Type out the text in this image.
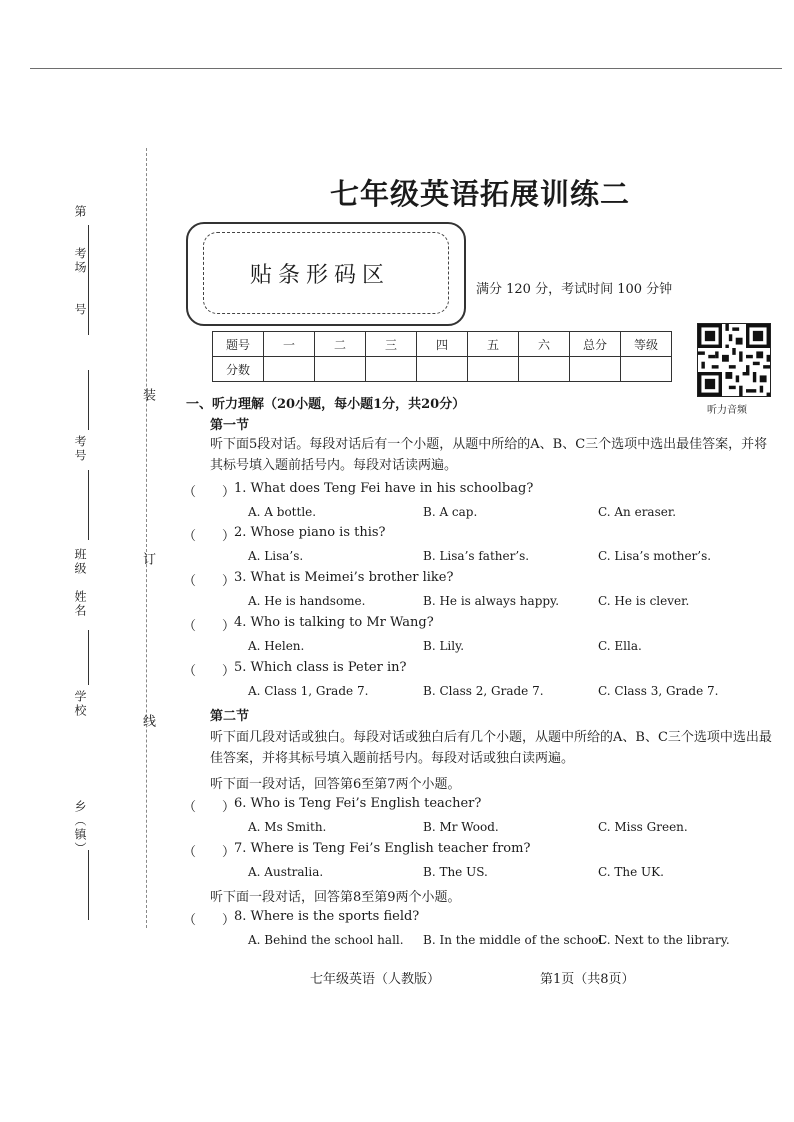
装
订
线
第　　考场　　号
考号
班级　姓名
学校
乡（镇）
七年级英语拓展训练二
贴条形码区
满分 120 分，考试时间 100 分钟
题号	一	二	三	四	五	六	总分	等级
分数								
听力音频
一、听力理解（20小题，每小题1分，共20分）
第一节
听下面5段对话。每段对话后有一个小题，从题中所给的A、B、C三个选项中选出最佳答案，并将其标号填入题前括号内。每段对话读两遍。
（　　）
1. What does Teng Fei have in his schoolbag?
A. A bottle.	B. A cap.	C. An eraser.
（　　）
2. Whose piano is this?
A. Lisa’s.	B. Lisa’s father’s.	C. Lisa’s mother’s.
（　　）
3. What is Meimei’s brother like?
A. He is handsome.	B. He is always happy.	C. He is clever.
（　　）
4. Who is talking to Mr Wang?
A. Helen.	B. Lily.	C. Ella.
（　　）
5. Which class is Peter in?
A. Class 1, Grade 7.	B. Class 2, Grade 7.	C. Class 3, Grade 7.
第二节
听下面几段对话或独白。每段对话或独白后有几个小题，从题中所给的A、B、C三个选项中选出最佳答案，并将其标号填入题前括号内。每段对话或独白读两遍。
听下面一段对话，回答第6至第7两个小题。
（　　）
6. Who is Teng Fei’s English teacher?
A. Ms Smith.	B. Mr Wood.	C. Miss Green.
（　　）
7. Where is Teng Fei’s English teacher from?
A. Australia.	B. The US.	C. The UK.
听下面一段对话，回答第8至第9两个小题。
（　　）
8. Where is the sports field?
A. Behind the school hall. B. In the middle of the school.
C. Next to the library.
七年级英语（人教版）	第1页（共8页）
